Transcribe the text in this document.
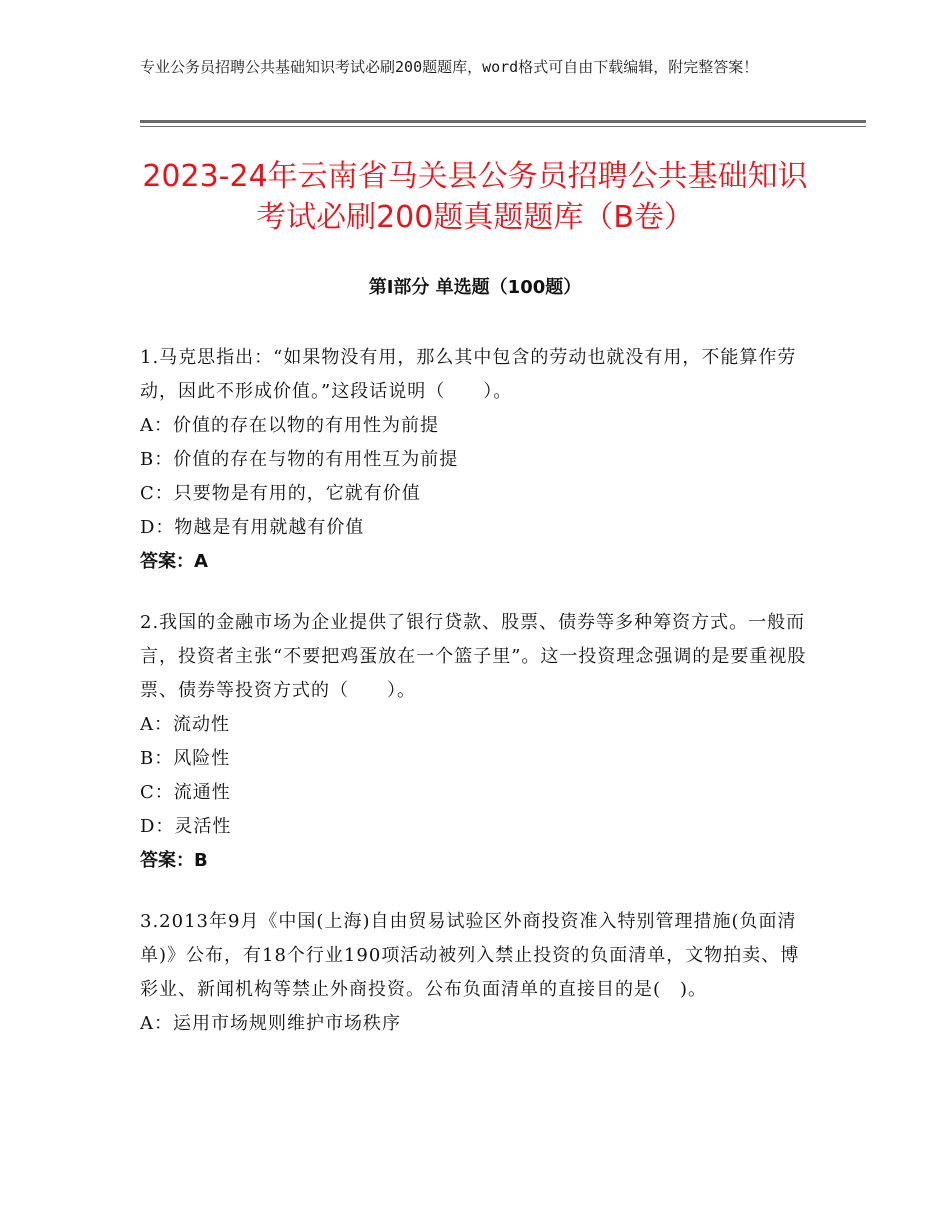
专业公务员招聘公共基础知识考试必刷200题题库，word格式可自由下载编辑，附完整答案！
2023-24年云南省马关县公务员招聘公共基础知识考试必刷200题真题题库（B卷）
第Ⅰ部分 单选题（100题）

1.马克思指出：“如果物没有用，那么其中包含的劳动也就没有用，不能算作劳动，因此不形成价值。”这段话说明（　　）。

A：价值的存在以物的有用性为前提

B：价值的存在与物的有用性互为前提

C：只要物是有用的，它就有价值

D：物越是有用就越有价值

答案：A

2.我国的金融市场为企业提供了银行贷款、股票、债券等多种筹资方式。一般而言，投资者主张“不要把鸡蛋放在一个篮子里”。这一投资理念强调的是要重视股票、债券等投资方式的（　　）。

A：流动性

B：风险性

C：流通性

D：灵活性

答案：B

3.2013年9月《中国(上海)自由贸易试验区外商投资准入特别管理措施(负面清单)》公布，有18个行业190项活动被列入禁止投资的负面清单，文物拍卖、博彩业、新闻机构等禁止外商投资。公布负面清单的直接目的是(　)。

A：运用市场规则维护市场秩序
